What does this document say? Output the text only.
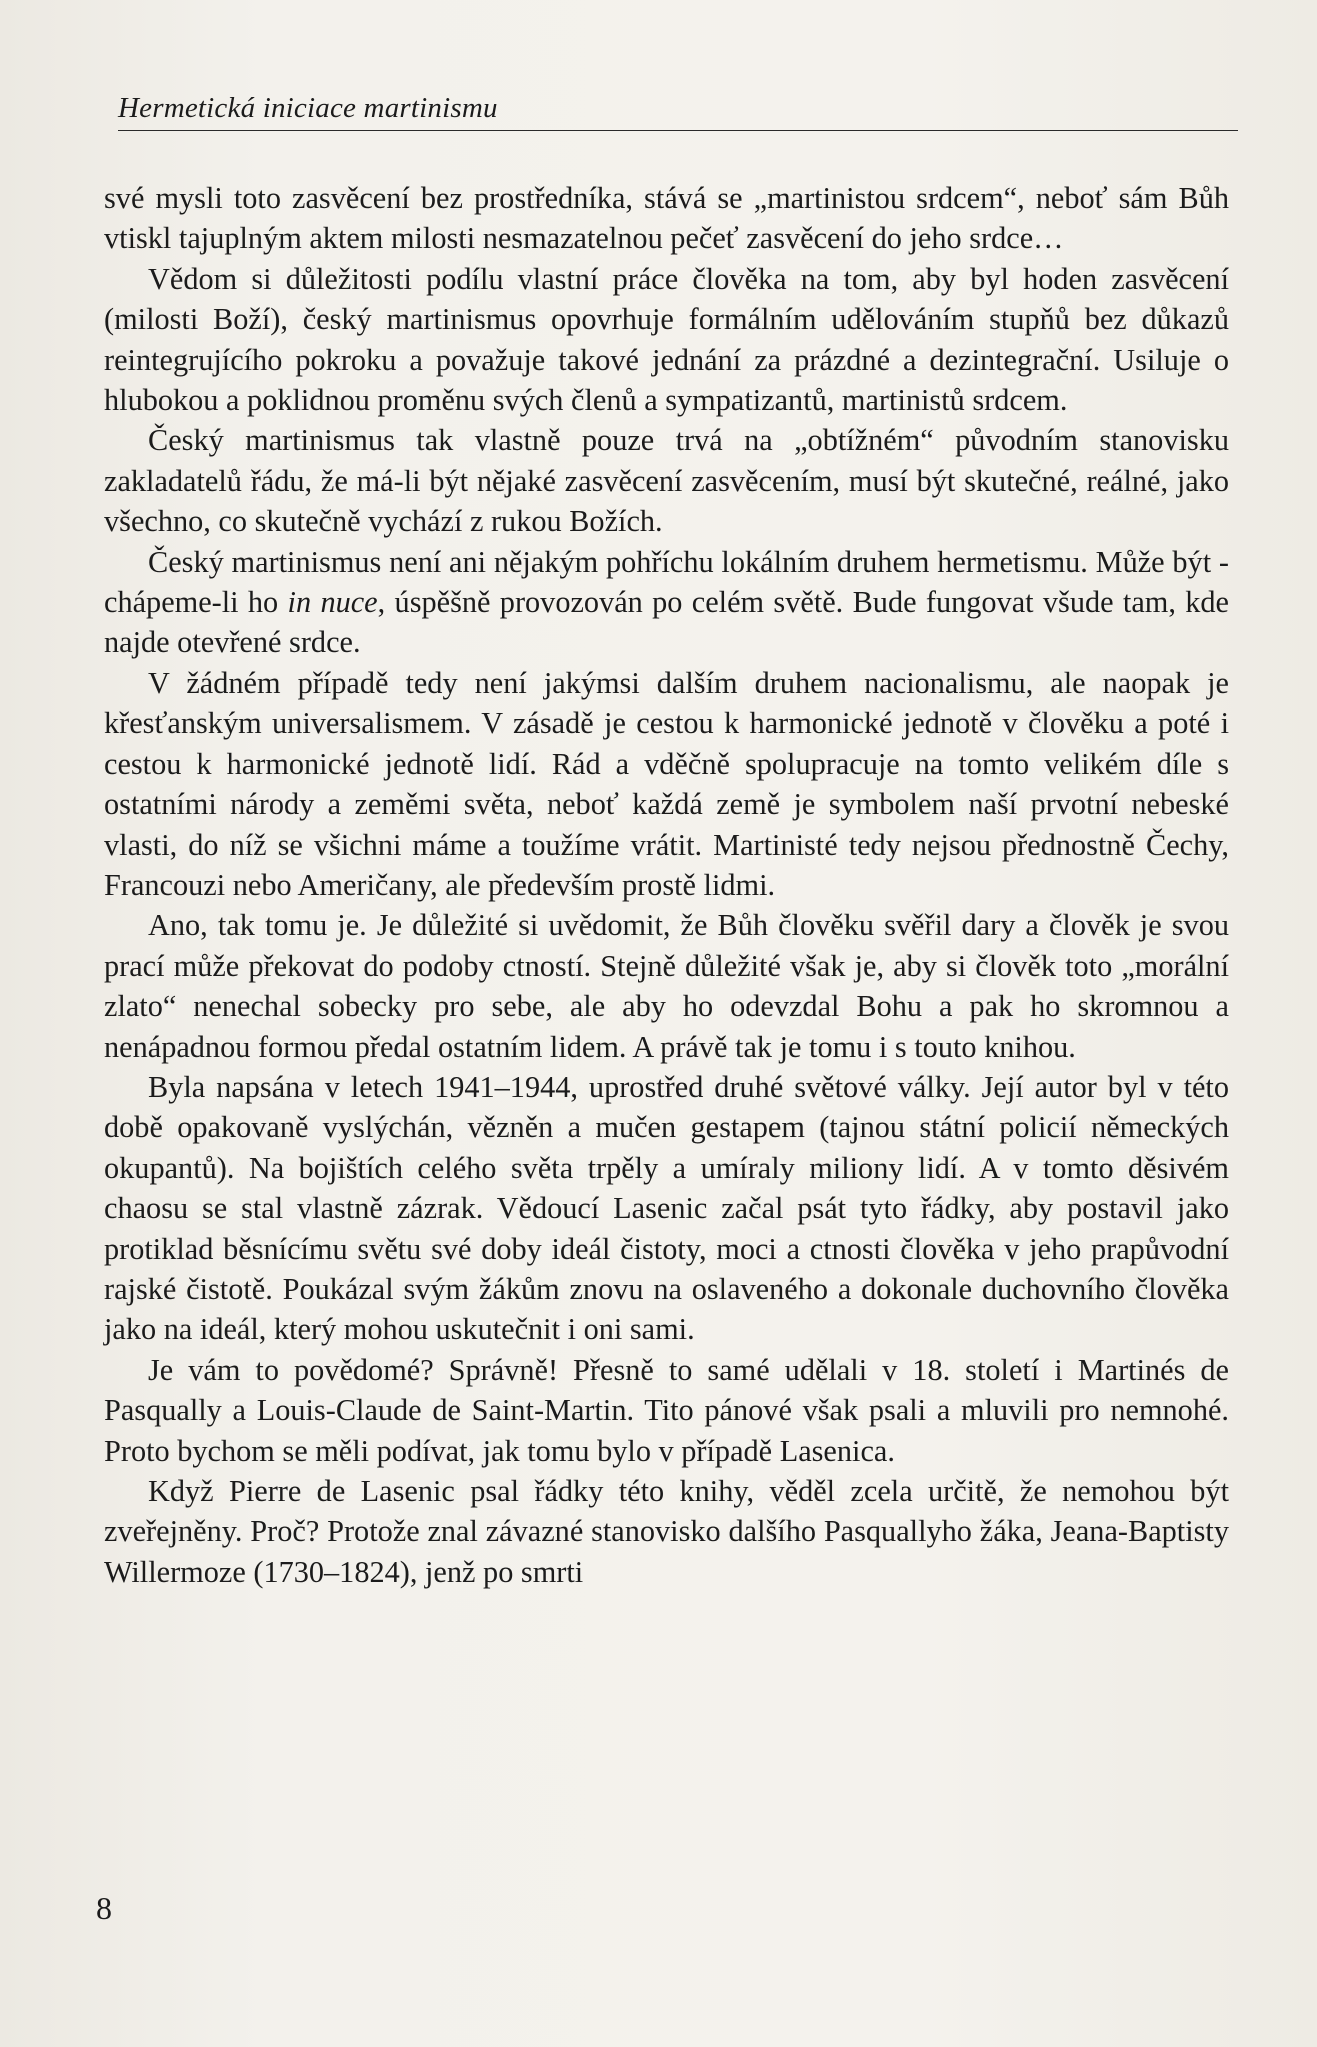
Hermetická iniciace martinismu

své mysli toto zasvěcení bez prostředníka, stává se „martinistou srdcem“, neboť sám Bůh vtiskl tajuplným aktem milosti nesmazatelnou pečeť zasvěcení do jeho srdce…

Vědom si důležitosti podílu vlastní práce člověka na tom, aby byl hoden zasvěcení (milosti Boží), český martinismus opovrhuje formálním udělováním stupňů bez důkazů reintegrujícího pokroku a považuje takové jednání za prázdné a dezintegrační. Usiluje o hlubokou a poklidnou proměnu svých členů a sympatizantů, martinistů srdcem.

Český martinismus tak vlastně pouze trvá na „obtížném“ původním stanovisku zakladatelů řádu, že má-li být nějaké zasvěcení zasvěcením, musí být skutečné, reálné, jako všechno, co skutečně vychází z rukou Božích.

Český martinismus není ani nějakým pohříchu lokálním druhem hermetismu. Může být - chápeme-li ho in nuce, úspěšně provozován po celém světě. Bude fungovat všude tam, kde najde otevřené srdce.

V žádném případě tedy není jakýmsi dalším druhem nacionalismu, ale naopak je křesťanským universalismem. V zásadě je cestou k harmonické jednotě v člověku a poté i cestou k harmonické jednotě lidí. Rád a vděčně spolupracuje na tomto velikém díle s ostatními národy a zeměmi světa, neboť každá země je symbolem naší prvotní nebeské vlasti, do níž se všichni máme a toužíme vrátit. Martinisté tedy nejsou přednostně Čechy, Francouzi nebo Američany, ale především prostě lidmi.

Ano, tak tomu je. Je důležité si uvědomit, že Bůh člověku svěřil dary a člověk je svou prací může překovat do podoby ctností. Stejně důležité však je, aby si člověk toto „morální zlato“ nenechal sobecky pro sebe, ale aby ho odevzdal Bohu a pak ho skromnou a nenápadnou formou předal ostatním lidem. A právě tak je tomu i s touto knihou.

Byla napsána v letech 1941–1944, uprostřed druhé světové války. Její autor byl v této době opakovaně vyslýchán, vězněn a mučen gestapem (tajnou státní policií německých okupantů). Na bojištích celého světa trpěly a umíraly miliony lidí. A v tomto děsivém chaosu se stal vlastně zázrak. Vědoucí Lasenic začal psát tyto řádky, aby postavil jako protiklad běsnícímu světu své doby ideál čistoty, moci a ctnosti člověka v jeho prapůvodní rajské čistotě. Poukázal svým žákům znovu na oslaveného a dokonale duchovního člověka jako na ideál, který mohou uskutečnit i oni sami.

Je vám to povědomé? Správně! Přesně to samé udělali v 18. století i Martinés de Pasqually a Louis-Claude de Saint-Martin. Tito pánové však psali a mluvili pro nemnohé. Proto bychom se měli podívat, jak tomu bylo v případě Lasenica.

Když Pierre de Lasenic psal řádky této knihy, věděl zcela určitě, že nemohou být zveřejněny. Proč? Protože znal závazné stanovisko dalšího Pasquallyho žáka, Jeana-Baptisty Willermoze (1730–1824), jenž po smrti

8
